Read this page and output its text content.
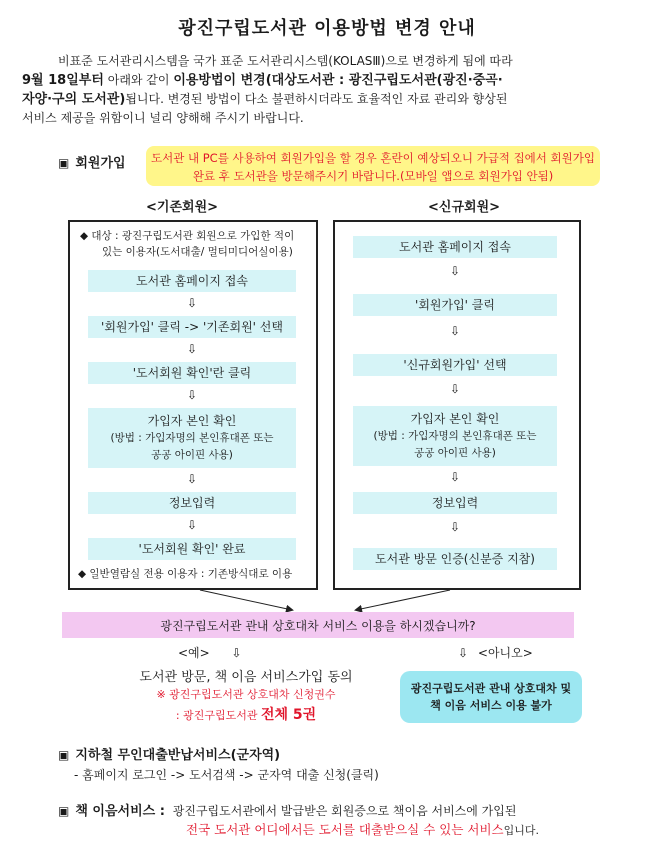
광진구립도서관 이용방법 변경 안내
비표준 도서관리시스템을 국가 표준 도서관리시스템(KOLASⅢ)으로 변경하게 됨에 따라
9월 18일부터 아래와 같이 이용방법이 변경(대상도서관 : 광진구립도서관(광진·중곡·
자양·구의 도서관)됩니다. 변경된 방법이 다소 불편하시더라도 효율적인 자료 관리와 향상된
서비스 제공을 위함이니 널리 양해해 주시기 바랍니다.
▣ 회원가입	도서관 내 PC를 사용하여 회원가입을 할 경우 혼란이 예상되오니 가급적 집에서 회원가입
완료 후 도서관을 방문해주시기 바랍니다.(모바일 앱으로 회원가입 안됨)
<기존회원>	<신규회원>
◆ 대상 : 광진구립도서관 회원으로 가입한 적이
있는 이용자(도서대출/ 멀티미디어실이용)
도서관 홈페이지 접속
⇩
'회원가입' 클릭 -> '기존회원' 선택
⇩
'도서회원 확인'란 클릭
⇩
가입자 본인 확인
(방법 : 가입자명의 본인휴대폰 또는
공공 아이핀 사용)
⇩
정보입력
⇩
'도서회원 확인' 완료
◆ 일반열람실 전용 이용자 : 기존방식대로 이용
도서관 홈페이지 접속
⇩
'회원가입' 클릭
⇩
'신규회원가입' 선택
⇩
가입자 본인 확인
(방법 : 가입자명의 본인휴대폰 또는
공공 아이핀 사용)
⇩
정보입력
⇩
도서관 방문 인증(신분증 지참)
광진구립도서관 관내 상호대차 서비스 이용을 하시겠습니까?
<예> ⇩	⇩ <아니오>
도서관 방문, 책 이음 서비스가입 동의
※ 광진구립도서관 상호대차 신청권수
: 광진구립도서관 전체 5권
광진구립도서관 관내 상호대차 및
책 이음 서비스 이용 불가
▣ 지하철 무인대출반납서비스(군자역)
- 홈페이지 로그인 -> 도서검색 -> 군자역 대출 신청(클릭)
▣ 책 이음서비스 : 광진구립도서관에서 발급받은 회원증으로 책이음 서비스에 가입된
전국 도서관 어디에서든 도서를 대출받으실 수 있는 서비스입니다.
